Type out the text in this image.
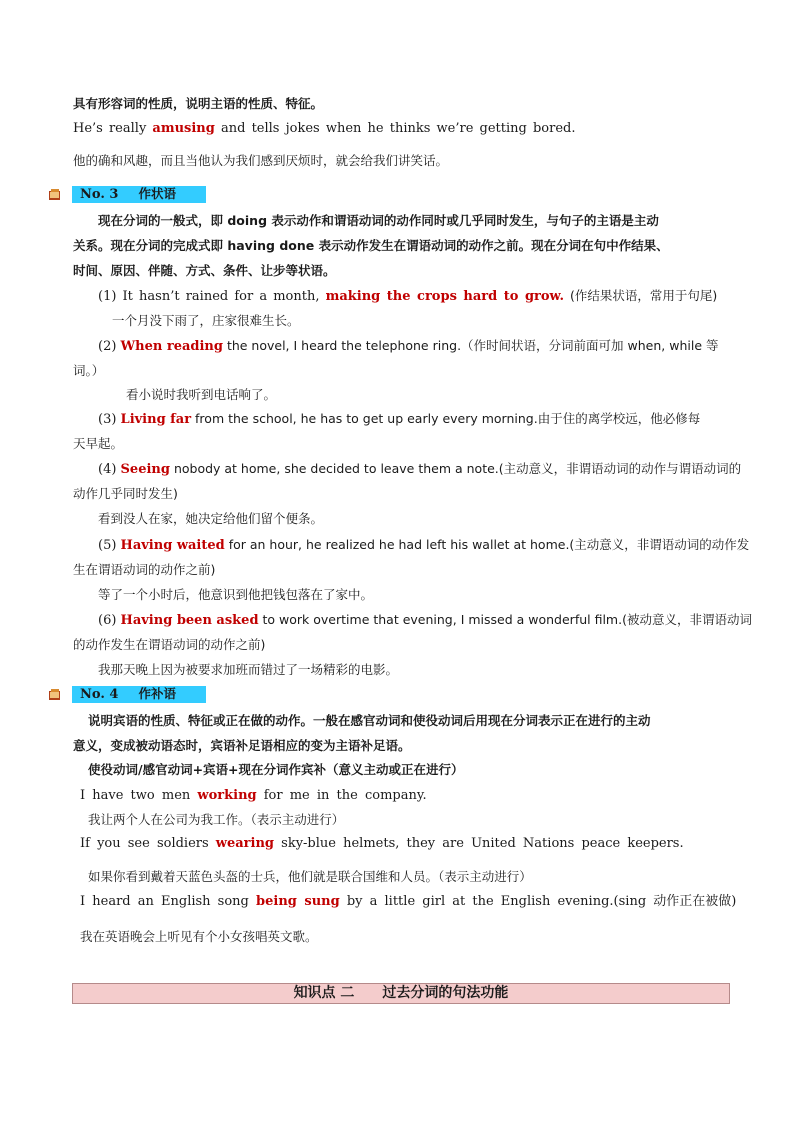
具有形容词的性质，说明主语的性质、特征。
He’s really amusing and tells jokes when he thinks we’re getting bored.
他的确和风趣，而且当他认为我们感到厌烦时，就会给我们讲笑话。
No. 3 作状语
现在分词的一般式，即 doing 表示动作和谓语动词的动作同时或几乎同时发生，与句子的主语是主动
关系。现在分词的完成式即 having done 表示动作发生在谓语动词的动作之前。现在分词在句中作结果、
时间、原因、伴随、方式、条件、让步等状语。
(1) It hasn’t rained for a month, making the crops hard to grow. (作结果状语，常用于句尾)
一个月没下雨了，庄家很难生长。
(2) When reading the novel, I heard the telephone ring.（作时间状语，分词前面可加 when, while 等
词。）
看小说时我听到电话响了。
(3) Living far from the school, he has to get up early every morning.由于住的离学校远，他必修每
天早起。
(4) Seeing nobody at home, she decided to leave them a note.(主动意义，非谓语动词的动作与谓语动词的
动作几乎同时发生)
看到没人在家，她决定给他们留个便条。
(5) Having waited for an hour, he realized he had left his wallet at home.(主动意义，非谓语动词的动作发
生在谓语动词的动作之前)
等了一个小时后，他意识到他把钱包落在了家中。
(6) Having been asked to work overtime that evening, I missed a wonderful film.(被动意义，非谓语动词
的动作发生在谓语动词的动作之前)
我那天晚上因为被要求加班而错过了一场精彩的电影。
No. 4 作补语
说明宾语的性质、特征或正在做的动作。一般在感官动词和使役动词后用现在分词表示正在进行的主动
意义，变成被动语态时，宾语补足语相应的变为主语补足语。
使役动词/感官动词+宾语+现在分词作宾补（意义主动或正在进行）
I have two men working for me in the company.
我让两个人在公司为我工作。（表示主动进行）
If you see soldiers wearing sky-blue helmets, they are United Nations peace keepers.
如果你看到戴着天蓝色头盔的士兵，他们就是联合国维和人员。（表示主动进行）
I heard an English song being sung by a little girl at the English evening.(sing 动作正在被做)
我在英语晚会上听见有个小女孩唱英文歌。
知识点 二　　过去分词的句法功能
